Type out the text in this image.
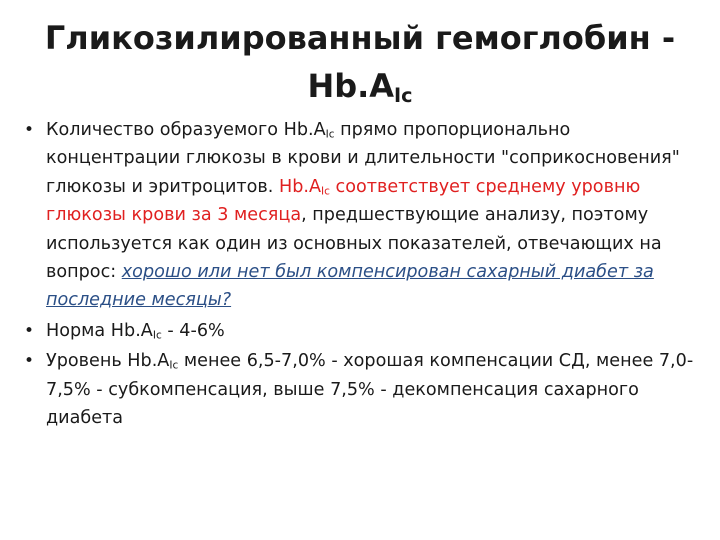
Гликозилированный гемоглобин -
$Hb.A_{Ic}$
• Количество образуемого $Hb.A_{Ic}$ прямо пропорционально концентрации глюкозы в крови и длительности "соприкосновения" глюкозы и эритроцитов. $Hb.A_{Ic}$ соответствует среднему уровню глюкозы крови за 3 месяца, предшествующие анализу, поэтому используется как один из основных показателей, отвечающих на вопрос: хорошо или нет был компенсирован сахарный диабет за последние месяцы?
• Норма $Hb.A_{Ic} - 4-6\%$
• Уровень $Hb.A_{Ic}$ менее 6,5-7,0% - хорошая компенсации СД, менее 7,0-7,5% - субкомпенсация, выше 7,5% - декомпенсация сахарного диабета
